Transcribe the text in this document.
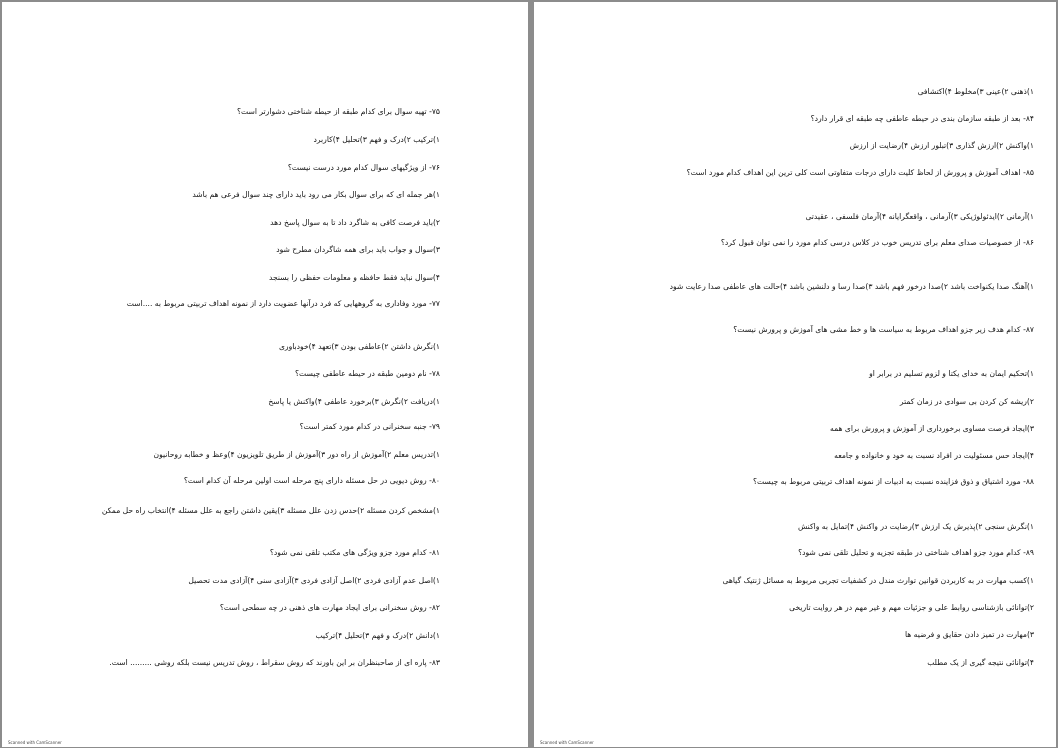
۷۵- تهیه سوال برای کدام طبقه از حیطه شناختی دشوارتر است؟
۱)ترکیب ۲)درک و فهم ۳)تحلیل ۴)کاربرد
۷۶- از ویژگیهای سوال کدام مورد درست نیست؟
۱)هر جمله ای که برای سوال بکار می رود باید دارای چند سوال فرعی هم باشد
۲)باید فرصت کافی به شاگرد داد تا به سوال پاسخ دهد
۳)سوال و جواب باید برای همه شاگردان مطرح شود
۴)سوال نباید فقط حافظه و معلومات حفظی را بسنجد
۷۷- مورد وفاداری به گروههایی که فرد درآنها عضویت دارد از نمونه اهداف تربیتی مربوط به ....است
۱)نگرش داشتن ۲)عاطفی بودن ۳)تعهد ۴)خودباوری
۷۸- نام دومین طبقه در حیطه عاطفی چیست؟
۱)دریافت ۲)نگرش ۳)برخورد عاطفی ۴)واکنش یا پاسخ
۷۹- جنبه سخنرانی در کدام مورد کمتر است؟
۱)تدریس معلم ۲)آموزش از راه دور ۳)آموزش از طریق تلویزیون ۴)وعظ و خطابه روحانیون
۸۰- روش دیویی در حل مسئله دارای پنج مرحله است اولین مرحله آن کدام است؟
۱)مشخص کردن مسئله ۲)حدس زدن علل مسئله ۳)یقین داشتن راجع به علل مسئله ۴)انتخاب راه حل ممکن
۸۱- کدام مورد جزو ویژگی های مکتب تلقی نمی شود؟
۱)اصل عدم آزادی فردی ۲)اصل آزادی فردی ۳)آزادی سنی ۴)آزادی مدت تحصیل
۸۲- روش سخنرانی برای ایجاد مهارت های ذهنی در چه سطحی است؟
۱)دانش ۲)درک و فهم ۳)تحلیل ۴)ترکیب
۸۳- پاره ای از صاحبنظران بر این باورند که روش سقراط ، روش تدریس نیست بلکه روشی ......... است.
Scanned with CamScanner
۱)ذهنی ۲)عینی ۳)مخلوط ۴)اکتشافی
۸۴- بعد از طبقه سازمان بندی در حیطه عاطفی چه طبقه ای قرار دارد؟
۱)واکنش ۲)ارزش گذاری ۳)تبلور ارزش ۴)رضایت از ارزش
۸۵- اهداف آموزش و پرورش از لحاظ کلیت دارای درجات متفاوتی است کلی ترین این اهداف کدام مورد است؟
۱)آرمانی ۲)ایدئولوژیکی ۳)آرمانی ، واقعگرایانه ۴)آرمان فلسفی ، عقیدتی
۸۶- از خصوصیات صدای معلم برای تدریس خوب در کلاس درسی کدام مورد را نمی توان قبول کرد؟
۱)آهنگ صدا یکنواخت باشد ۲)صدا درخور فهم باشد ۳)صدا رسا و دلنشین باشد ۴)حالت های عاطفی صدا رعایت شود
۸۷- کدام هدف زیر جزو اهداف مربوط به سیاست ها و خط مشی های آموزش و پرورش نیست؟
۱)تحکیم ایمان به خدای یکتا و لزوم تسلیم در برابر او
۲)ریشه کن کردن بی سوادی در زمان کمتر
۳)ایجاد فرصت مساوی برخورداری از آموزش و پرورش برای همه
۴)ایجاد حس مسئولیت در افراد نسبت به خود و خانواده و جامعه
۸۸- مورد اشتیاق و ذوق فزاینده نسبت به ادبیات از نمونه اهداف تربیتی مربوط به چیست؟
۱)نگرش سنجی ۲)پذیرش یک ارزش ۳)رضایت در واکنش ۴)تمایل به واکنش
۸۹- کدام مورد جزو اهداف شناختی در طبقه تجزیه و تحلیل تلقی نمی شود؟
۱)کسب مهارت در به کاربردن قوانین توارث مندل در کشفیات تجربی مربوط به مسائل ژنتیک گیاهی
۲)توانائی بازشناسی روابط علی و جزئیات مهم و غیر مهم در هر روایت تاریخی
۳)مهارت در تمیز دادن حقایق و فرضیه ها
۴)توانائی نتیجه گیری از یک مطلب
Scanned with CamScanner
